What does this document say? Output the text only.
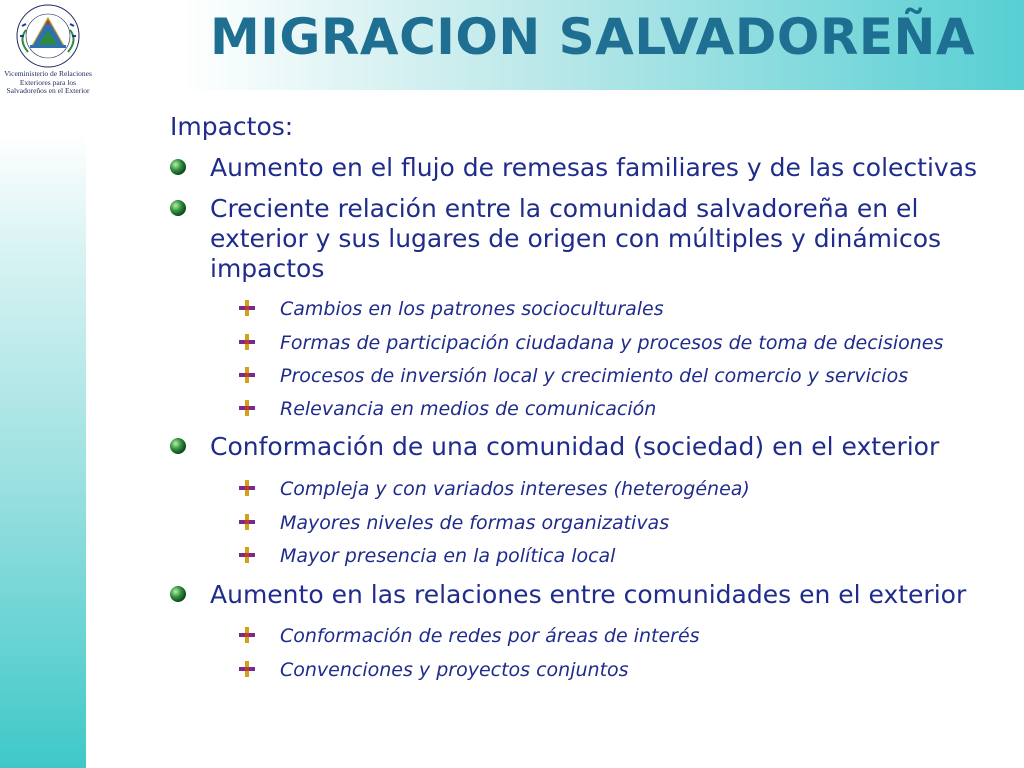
Viceministerio de Relaciones
Exteriores para los
Salvadoreños en el Exterior
MIGRACION SALVADOREÑA
Impactos:
Aumento en el flujo de remesas familiares y de las colectivas
Creciente relación entre la comunidad salvadoreña en el exterior y sus lugares de origen con múltiples y dinámicos impactos
Cambios en los patrones socioculturales
Formas de participación ciudadana y procesos de toma de decisiones
Procesos de inversión local y crecimiento del comercio y servicios
Relevancia en medios de comunicación
Conformación de una comunidad (sociedad) en el exterior
Compleja y con variados intereses (heterogénea)
Mayores niveles de formas organizativas
Mayor presencia en la política local
Aumento en las relaciones entre comunidades en el exterior
Conformación de redes por áreas de interés
Convenciones y proyectos conjuntos
